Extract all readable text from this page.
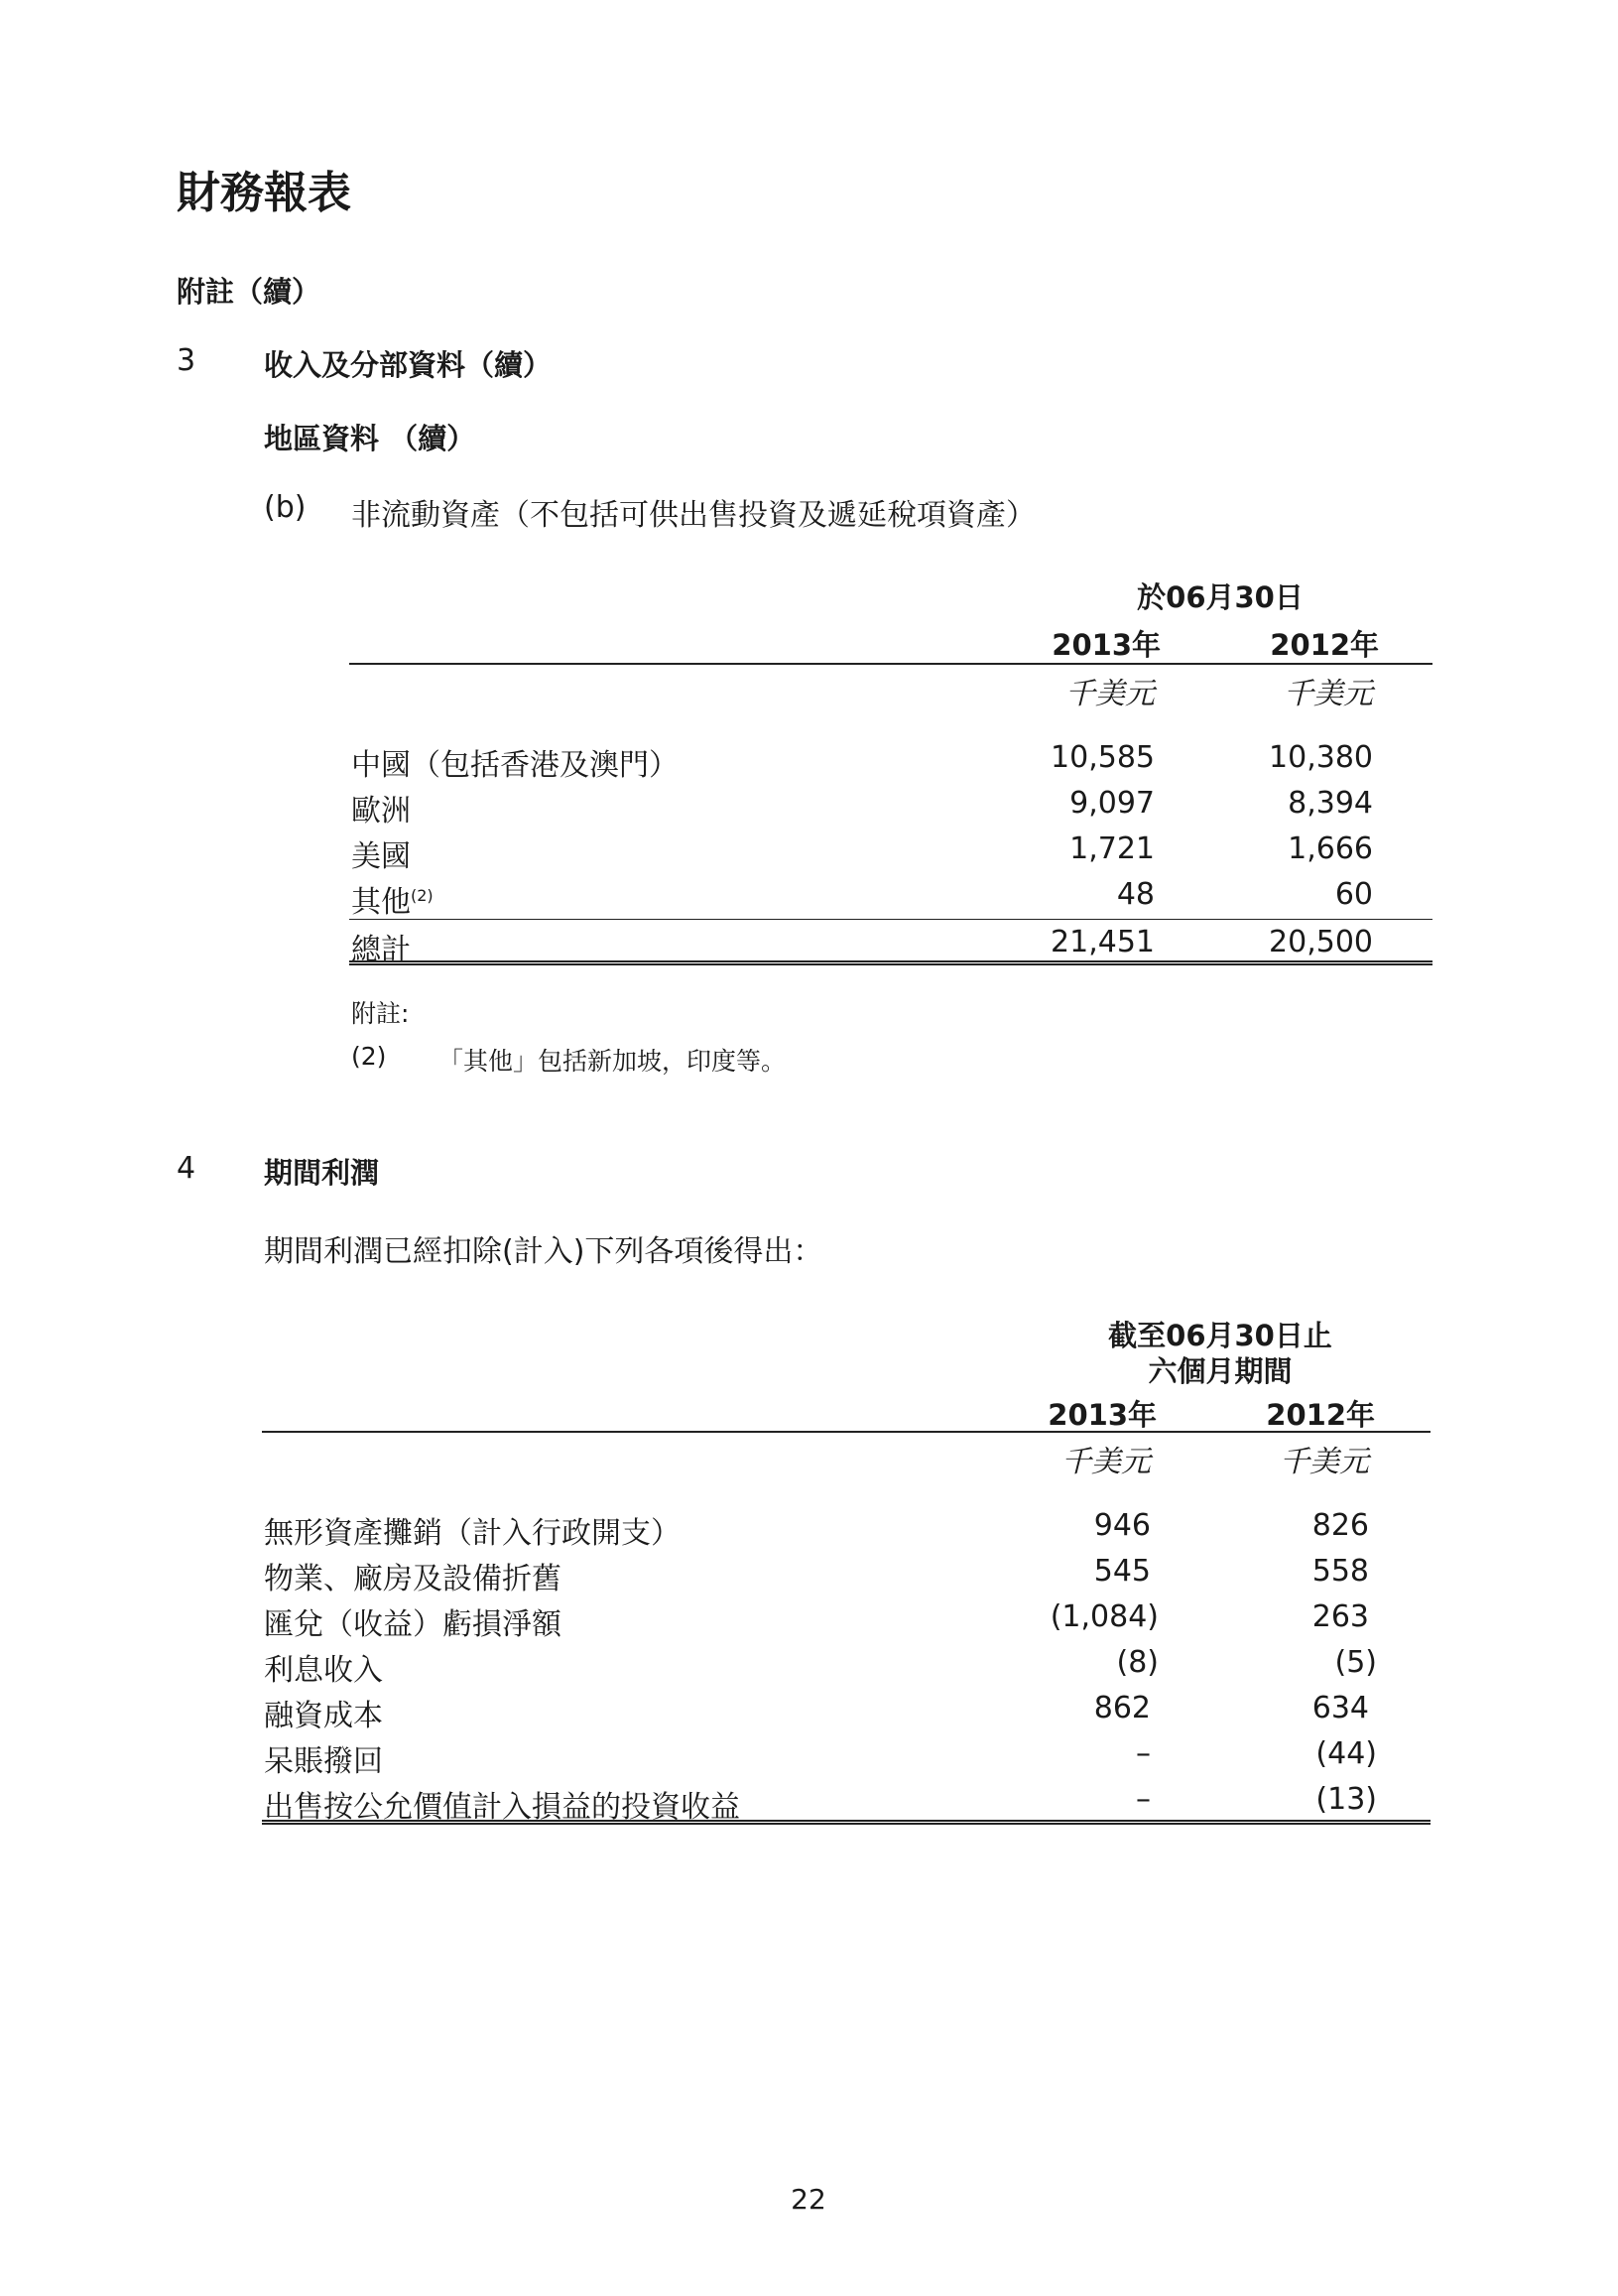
財務報表
附註（續）
3 收入及分部資料（續）
地區資料 （續）
(b) 非流動資產（不包括可供出售投資及遞延稅項資產）
於06月30日
2013年	2012年
千美元	千美元
中國（包括香港及澳門）	10,585	10,380
歐洲	9,097	8,394
美國	1,721	1,666
其他$^{(2)}$	48	60
總計	21,451	20,500
附註:
(2) 「其他」包括新加坡，印度等。
4 期間利潤
期間利潤已經扣除(計入)下列各項後得出：
截至06月30日止
六個月期間
2013年	2012年
千美元	千美元
無形資產攤銷（計入行政開支）	946	826
物業、廠房及設備折舊	545	558
匯兌（收益）虧損淨額	(1,084)	263
利息收入	(8)	(5)
融資成本	862	634
呆賬撥回	–	(44)
出售按公允價值計入損益的投資收益	–	(13)
22
